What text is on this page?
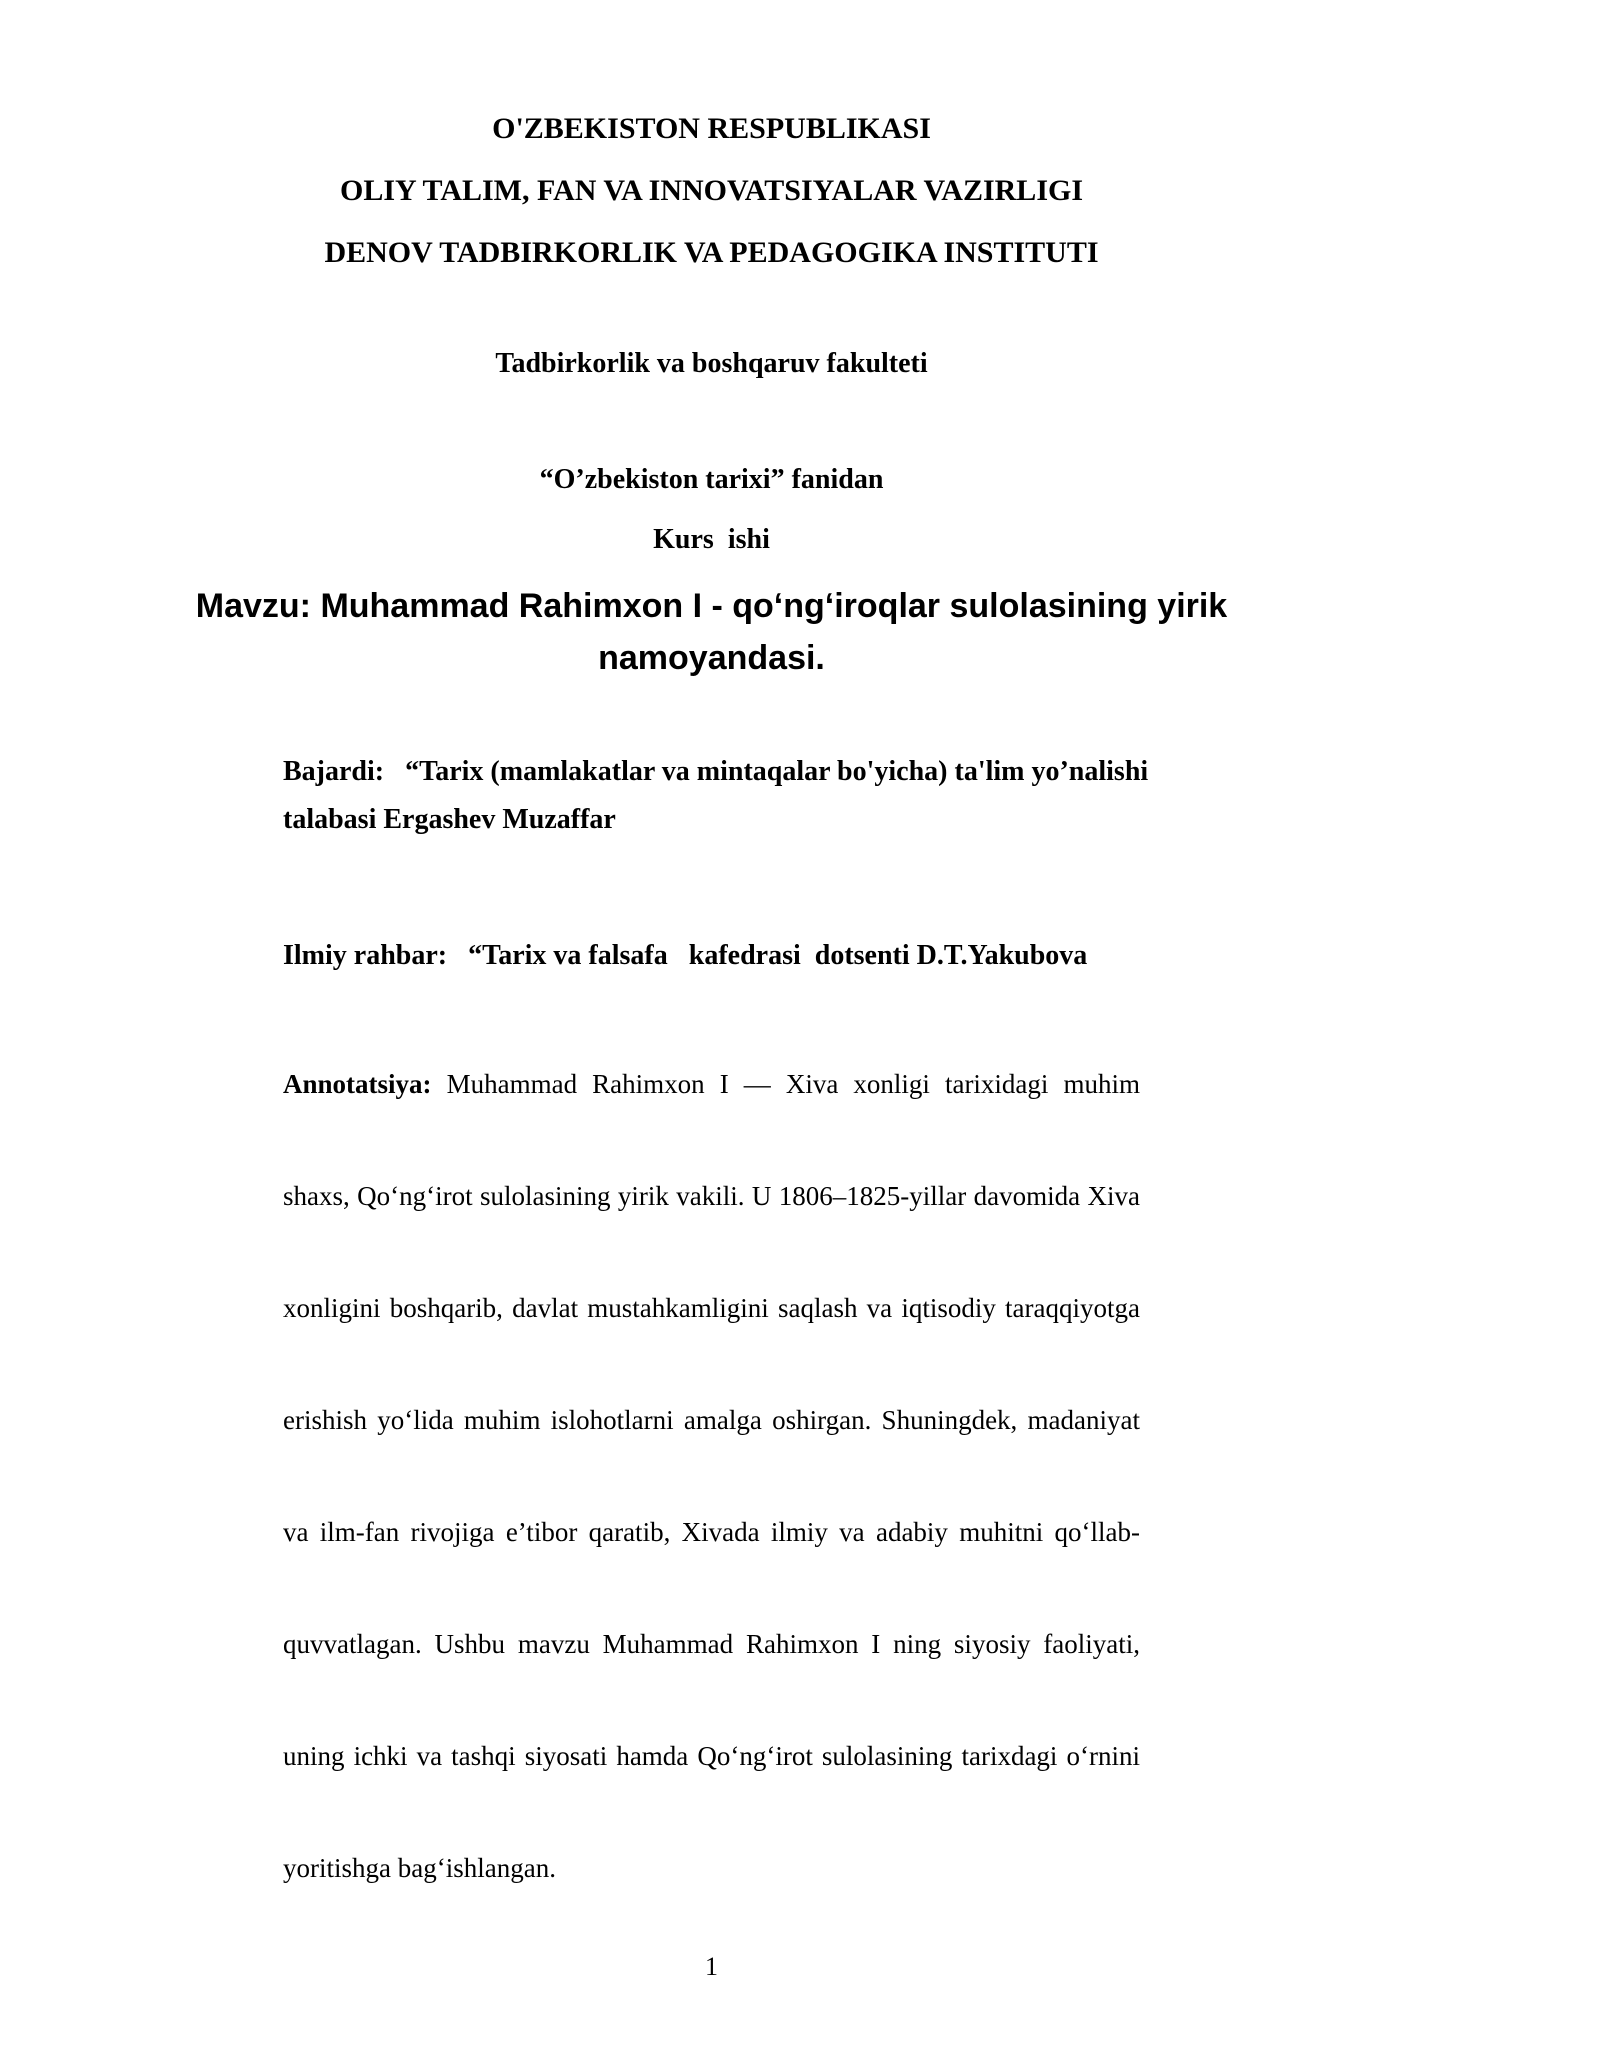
O'ZBEKISTON RESPUBLIKASI
OLIY TALIM, FAN VA INNOVATSIYALAR VAZIRLIGI
DENOV TADBIRKORLIK VA PEDAGOGIKA INSTITUTI
Tadbirkorlik va boshqaruv fakulteti
“O’zbekiston tarixi” fanidan
Kurs  ishi
Mavzu: Muhammad Rahimxon I - qoʻngʻiroqlar sulolasining yirik namoyandasi.
Bajardi:   “Tarix (mamlakatlar va mintaqalar bo'yicha) ta'lim yo’nalishi talabasi Ergashev Muzaffar
Ilmiy rahbar:   “Tarix va falsafa   kafedrasi  dotsenti D.T.Yakubova
Annotatsiya: Muhammad Rahimxon I — Xiva xonligi tarixidagi muhim shaxs, Qo‘ng‘irot sulolasining yirik vakili. U 1806–1825-yillar davomida Xiva xonligini boshqarib, davlat mustahkamligini saqlash va iqtisodiy taraqqiyotga erishish yo‘lida muhim islohotlarni amalga oshirgan. Shuningdek, madaniyat va ilm-fan rivojiga e’tibor qaratib, Xivada ilmiy va adabiy muhitni qo‘llab-quvvatlagan. Ushbu mavzu Muhammad Rahimxon I ning siyosiy faoliyati, uning ichki va tashqi siyosati hamda Qo‘ng‘irot sulolasining tarixdagi o‘rnini yoritishga bag‘ishlangan.
1
